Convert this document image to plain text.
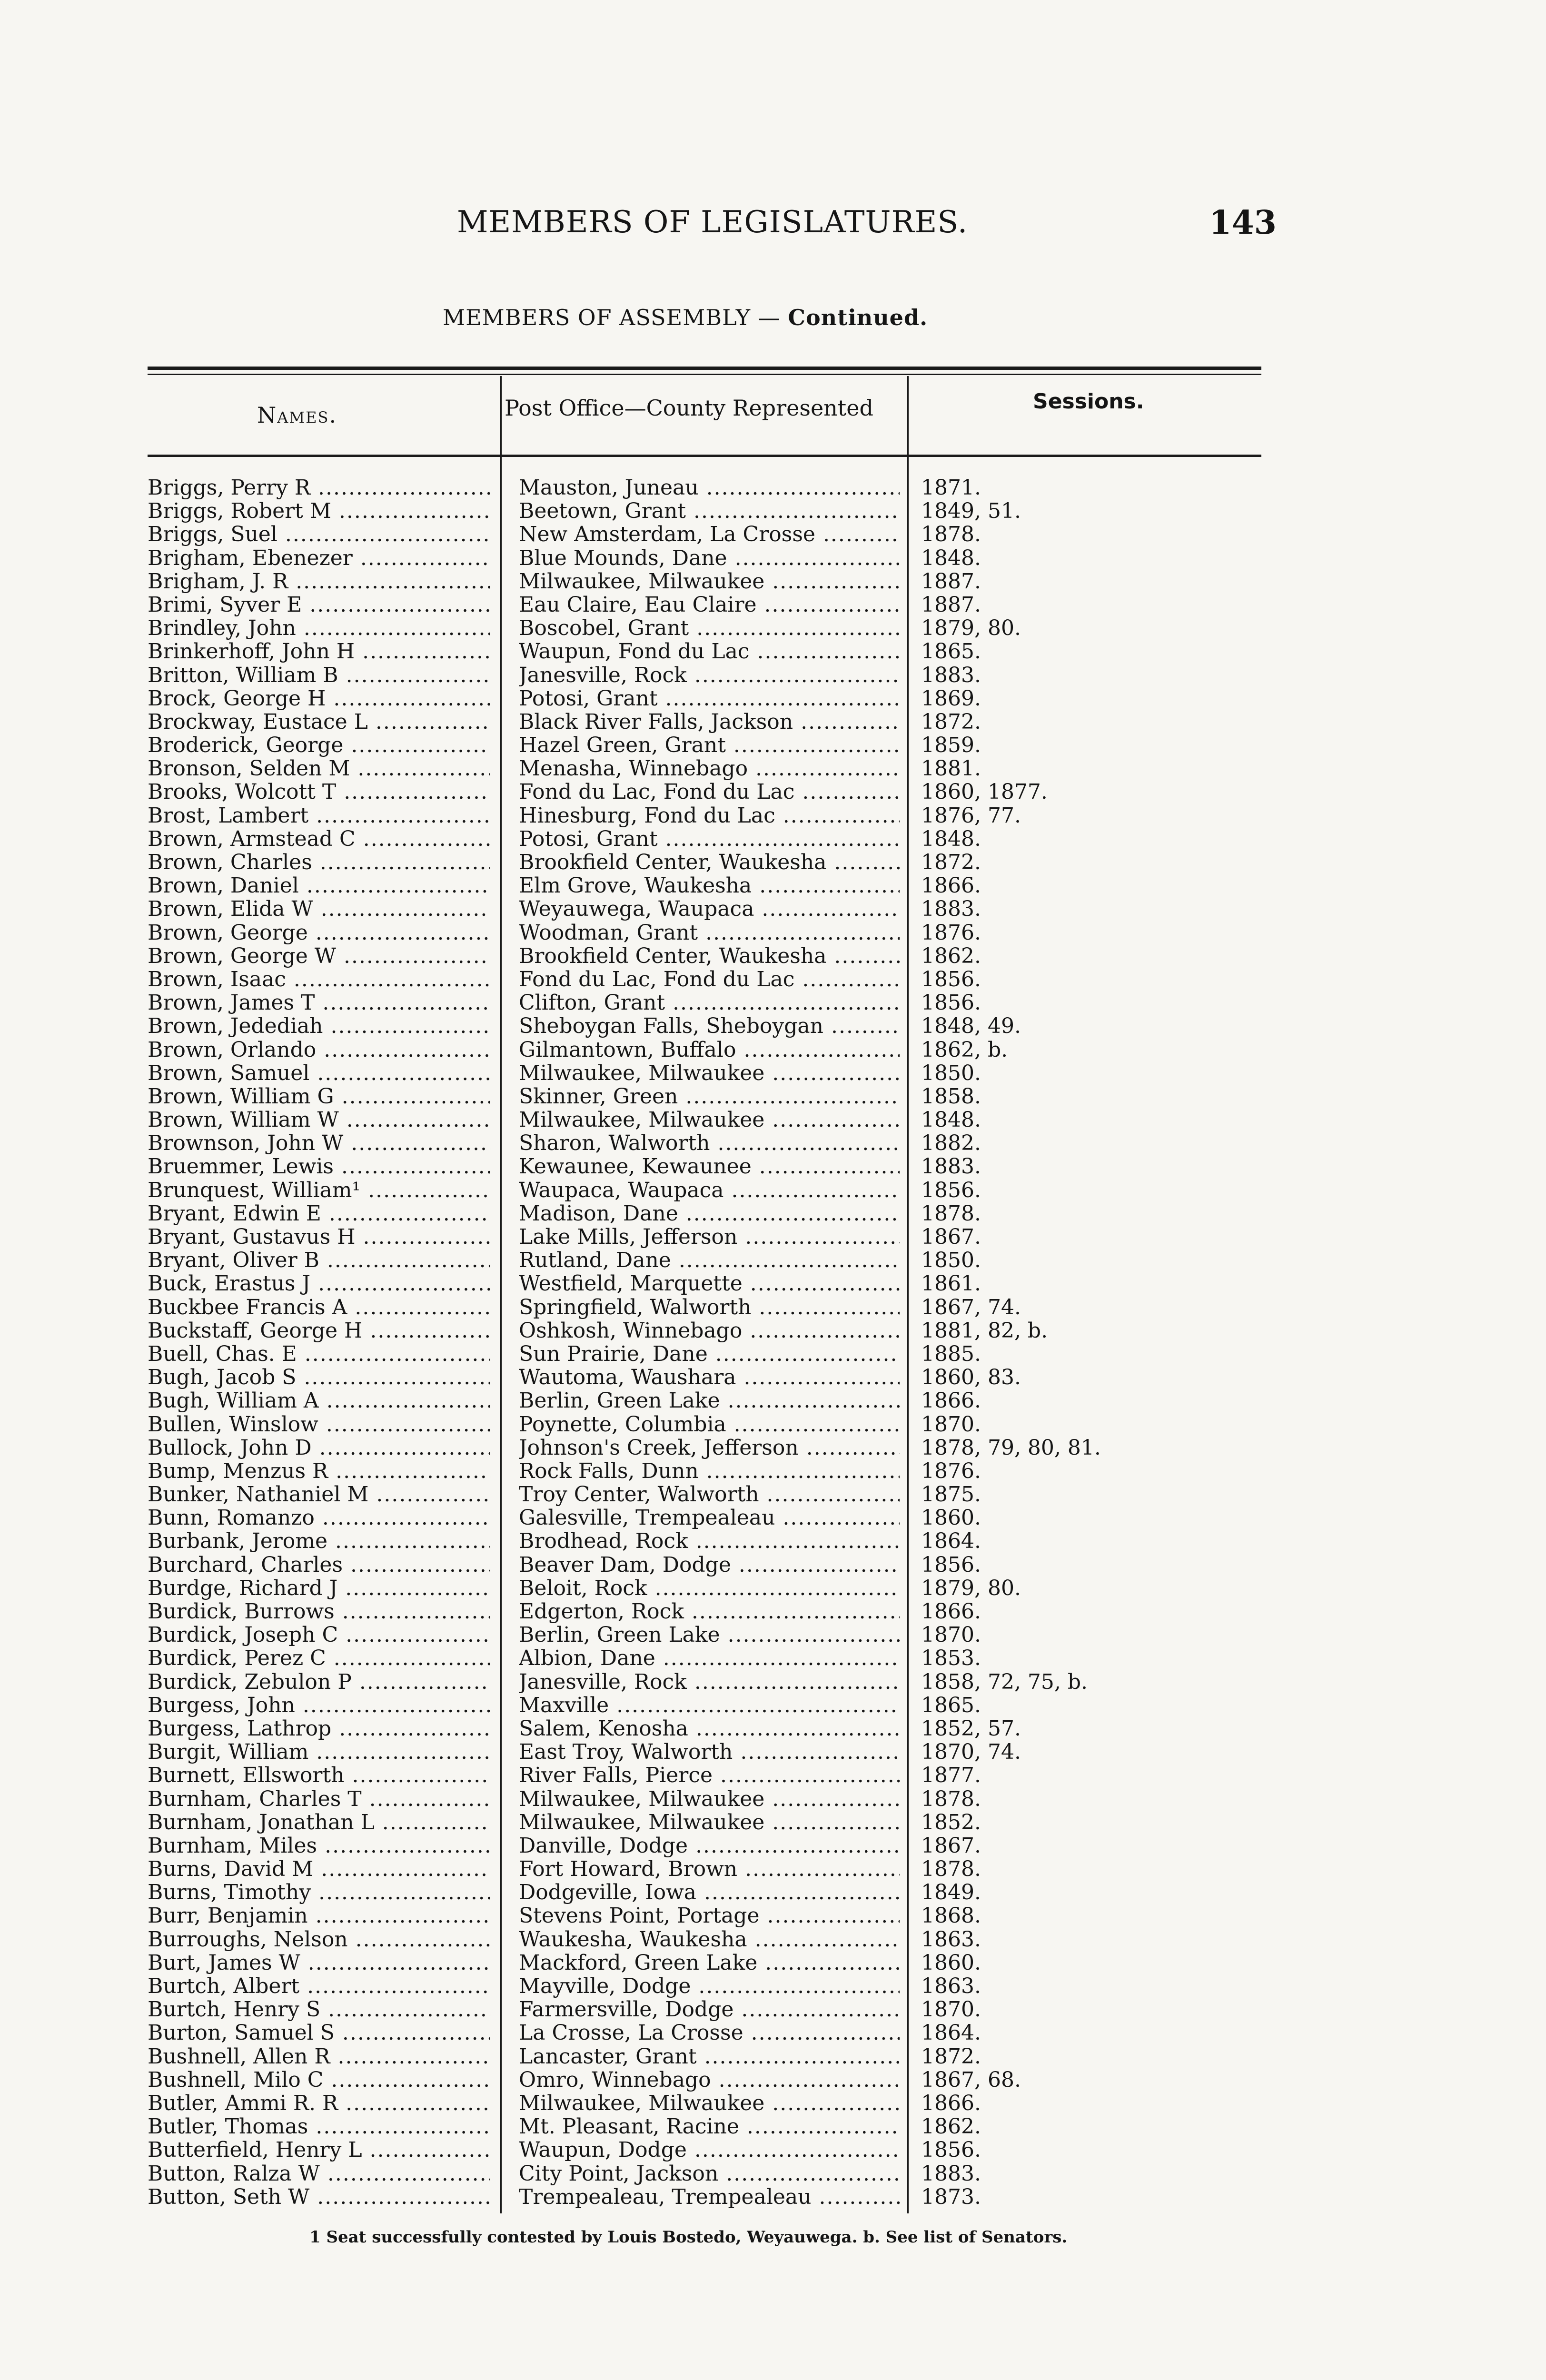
MEMBERS OF LEGISLATURES.	143
MEMBERS OF ASSEMBLY — Continued.
Names.	Post Office—County Represented	Sessions.
Briggs, Perry R .....	Mauston, Juneau .....	1871.
Briggs, Robert M .....	Beetown, Grant .....	1849, 51.
Briggs, Suel .....	New Amsterdam, La Crosse .....	1878.
Brigham, Ebenezer .....	Blue Mounds, Dane .....	1848.
Brigham, J. R .....	Milwaukee, Milwaukee .....	1887.
Brimi, Syver E .....	Eau Claire, Eau Claire .....	1887.
Brindley, John .....	Boscobel, Grant .....	1879, 80.
Brinkerhoff, John H .....	Waupun, Fond du Lac .....	1865.
Britton, William B .....	Janesville, Rock .....	1883.
Brock, George H .....	Potosi, Grant .....	1869.
Brockway, Eustace L .....	Black River Falls, Jackson .....	1872.
Broderick, George .....	Hazel Green, Grant .....	1859.
Bronson, Selden M .....	Menasha, Winnebago .....	1881.
Brooks, Wolcott T .....	Fond du Lac, Fond du Lac .....	1860, 1877.
Brost, Lambert .....	Hinesburg, Fond du Lac .....	1876, 77.
Brown, Armstead C .....	Potosi, Grant .....	1848.
Brown, Charles .....	Brookfield Center, Waukesha .....	1872.
Brown, Daniel .....	Elm Grove, Waukesha .....	1866.
Brown, Elida W .....	Weyauwega, Waupaca .....	1883.
Brown, George .....	Woodman, Grant .....	1876.
Brown, George W .....	Brookfield Center, Waukesha .....	1862.
Brown, Isaac .....	Fond du Lac, Fond du Lac .....	1856.
Brown, James T .....	Clifton, Grant .....	1856.
Brown, Jedediah .....	Sheboygan Falls, Sheboygan .....	1848, 49.
Brown, Orlando .....	Gilmantown, Buffalo .....	1862, b.
Brown, Samuel .....	Milwaukee, Milwaukee .....	1850.
Brown, William G .....	Skinner, Green .....	1858.
Brown, William W .....	Milwaukee, Milwaukee .....	1848.
Brownson, John W .....	Sharon, Walworth .....	1882.
Bruemmer, Lewis .....	Kewaunee, Kewaunee .....	1883.
Brunquest, William¹ .....	Waupaca, Waupaca .....	1856.
Bryant, Edwin E .....	Madison, Dane .....	1878.
Bryant, Gustavus H .....	Lake Mills, Jefferson .....	1867.
Bryant, Oliver B .....	Rutland, Dane .....	1850.
Buck, Erastus J .....	Westfield, Marquette .....	1861.
Buckbee Francis A .....	Springfield, Walworth .....	1867, 74.
Buckstaff, George H .....	Oshkosh, Winnebago .....	1881, 82, b.
Buell, Chas. E .....	Sun Prairie, Dane .....	1885.
Bugh, Jacob S .....	Wautoma, Waushara .....	1860, 83.
Bugh, William A .....	Berlin, Green Lake .....	1866.
Bullen, Winslow .....	Poynette, Columbia .....	1870.
Bullock, John D .....	Johnson's Creek, Jefferson .....	1878, 79, 80, 81.
Bump, Menzus R .....	Rock Falls, Dunn .....	1876.
Bunker, Nathaniel M .....	Troy Center, Walworth .....	1875.
Bunn, Romanzo .....	Galesville, Trempealeau .....	1860.
Burbank, Jerome .....	Brodhead, Rock .....	1864.
Burchard, Charles .....	Beaver Dam, Dodge .....	1856.
Burdge, Richard J .....	Beloit, Rock .....	1879, 80.
Burdick, Burrows .....	Edgerton, Rock .....	1866.
Burdick, Joseph C .....	Berlin, Green Lake .....	1870.
Burdick, Perez C .....	Albion, Dane .....	1853.
Burdick, Zebulon P .....	Janesville, Rock .....	1858, 72, 75, b.
Burgess, John .....	Maxville .....	1865.
Burgess, Lathrop .....	Salem, Kenosha .....	1852, 57.
Burgit, William .....	East Troy, Walworth .....	1870, 74.
Burnett, Ellsworth .....	River Falls, Pierce .....	1877.
Burnham, Charles T .....	Milwaukee, Milwaukee .....	1878.
Burnham, Jonathan L .....	Milwaukee, Milwaukee .....	1852.
Burnham, Miles .....	Danville, Dodge .....	1867.
Burns, David M .....	Fort Howard, Brown .....	1878.
Burns, Timothy .....	Dodgeville, Iowa .....	1849.
Burr, Benjamin .....	Stevens Point, Portage .....	1868.
Burroughs, Nelson .....	Waukesha, Waukesha .....	1863.
Burt, James W .....	Mackford, Green Lake .....	1860.
Burtch, Albert .....	Mayville, Dodge .....	1863.
Burtch, Henry S .....	Farmersville, Dodge .....	1870.
Burton, Samuel S .....	La Crosse, La Crosse .....	1864.
Bushnell, Allen R .....	Lancaster, Grant .....	1872.
Bushnell, Milo C .....	Omro, Winnebago .....	1867, 68.
Butler, Ammi R. R .....	Milwaukee, Milwaukee .....	1866.
Butler, Thomas .....	Mt. Pleasant, Racine .....	1862.
Butterfield, Henry L .....	Waupun, Dodge .....	1856.
Button, Ralza W .....	City Point, Jackson .....	1883.
Button, Seth W .....	Trempealeau, Trempealeau .....	1873.
1 Seat successfully contested by Louis Bostedo, Weyauwega. b. See list of Senators.
